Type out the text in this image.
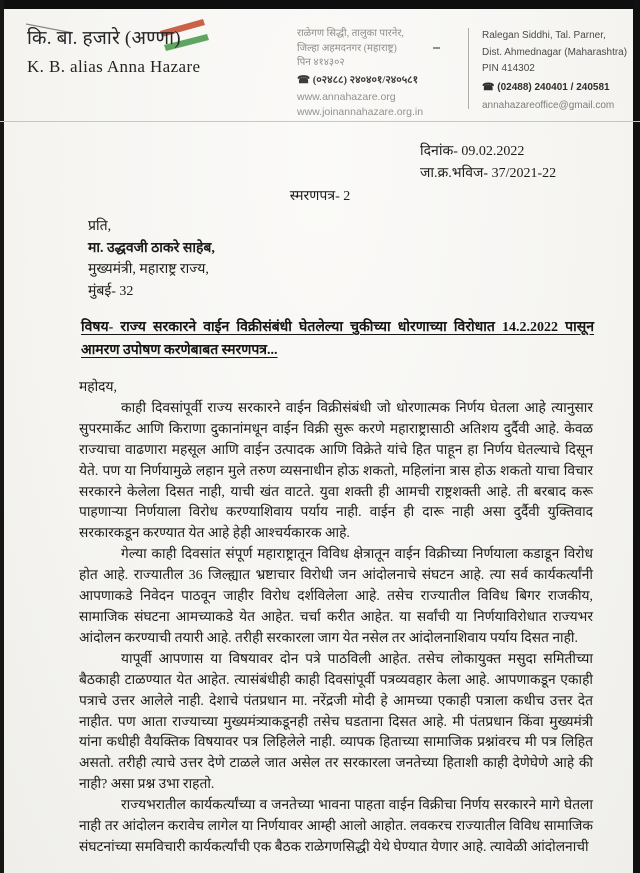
कि. बा. हजारे (अण्णा)
K. B. alias Anna Hazare
राळेगण सिद्धी, तालुका पारनेर,
जिल्हा अहमदनगर (महाराष्ट्र)
पिन ४१४३०२
☎ (०२४८८) २४०४०१/२४०५८१
www.annahazare.org
www.joinannahazare.org.in
Ralegan Siddhi, Tal. Parner,
Dist. Ahmednagar (Maharashtra)
PIN 414302
☎ (02488) 240401 / 240581
annahazareoffice@gmail.com
दिनांक- 09.02.2022
जा.क्र.भविज- 37/2021-22
स्मरणपत्र- 2
प्रति,
मा. उद्धवजी ठाकरे साहेब,
मुख्यमंत्री, महाराष्ट्र राज्य,
मुंबई- 32
विषय- राज्य सरकारने वाईन विक्रीसंबंधी घेतलेल्या चुकीच्या धोरणाच्या विरोधात 14.2.2022 पासून आमरण उपोषण करणेबाबत स्मरणपत्र...

महोदय,

काही दिवसांपूर्वी राज्य सरकारने वाईन विक्रीसंबंधी जो धोरणात्मक निर्णय घेतला आहे त्यानुसार सुपरमार्केट आणि किराणा दुकानांमधून वाईन विक्री सुरू करणे महाराष्ट्रासाठी अतिशय दुर्दैवी आहे. केवळ राज्याचा वाढणारा महसूल आणि वाईन उत्पादक आणि विक्रेते यांचे हित पाहून हा निर्णय घेतल्याचे दिसून येते. पण या निर्णयामुळे लहान मुले तरुण व्यसनाधीन होऊ शकतो, महिलांना त्रास होऊ शकतो याचा विचार सरकारने केलेला दिसत नाही, याची खंत वाटते. युवा शक्ती ही आमची राष्ट्रशक्ती आहे. ती बरबाद करू पाहणाऱ्या निर्णयाला विरोध करण्याशिवाय पर्याय नाही. वाईन ही दारू नाही असा दुर्दैवी युक्तिवाद सरकारकडून करण्यात येत आहे हेही आश्चर्यकारक आहे.

गेल्या काही दिवसांत संपूर्ण महाराष्ट्रातून विविध क्षेत्रातून वाईन विक्रीच्या निर्णयाला कडाडून विरोध होत आहे. राज्यातील 36 जिल्ह्यात भ्रष्टाचार विरोधी जन आंदोलनाचे संघटन आहे. त्या सर्व कार्यकर्त्यांनी आपणाकडे निवेदन पाठवून जाहीर विरोध दर्शविलेला आहे. तसेच राज्यातील विविध बिगर राजकीय, सामाजिक संघटना आमच्याकडे येत आहेत. चर्चा करीत आहेत. या सर्वांची या निर्णयाविरोधात राज्यभर आंदोलन करण्याची तयारी आहे. तरीही सरकारला जाग येत नसेल तर आंदोलनाशिवाय पर्याय दिसत नाही.

यापूर्वी आपणास या विषयावर दोन पत्रे पाठविली आहेत. तसेच लोकायुक्त मसुदा समितीच्या बैठकाही टाळण्यात येत आहेत. त्यासंबंधीही काही दिवसांपूर्वी पत्रव्यवहार केला आहे. आपणाकडून एकाही पत्राचे उत्तर आलेले नाही. देशाचे पंतप्रधान मा. नरेंद्रजी मोदी हे आमच्या एकाही पत्राला कधीच उत्तर देत नाहीत. पण आता राज्याच्या मुख्यमंत्र्याकडूनही तसेच घडताना दिसत आहे. मी पंतप्रधान किंवा मुख्यमंत्री यांना कधीही वैयक्तिक विषयावर पत्र लिहिलेले नाही. व्यापक हिताच्या सामाजिक प्रश्नांवरच मी पत्र लिहित असतो. तरीही त्याचे उत्तर देणे टाळले जात असेल तर सरकारला जनतेच्या हिताशी काही देणेघेणे आहे की नाही? असा प्रश्न उभा राहतो.

राज्यभरातील कार्यकर्त्यांच्या व जनतेच्या भावना पाहता वाईन विक्रीचा निर्णय सरकारने मागे घेतला नाही तर आंदोलन करावेच लागेल या निर्णयावर आम्ही आलो आहोत. लवकरच राज्यातील विविध सामाजिक संघटनांच्या समविचारी कार्यकर्त्यांची एक बैठक राळेगणसिद्धी येथे घेण्यात येणार आहे. त्यावेळी आंदोलनाची
